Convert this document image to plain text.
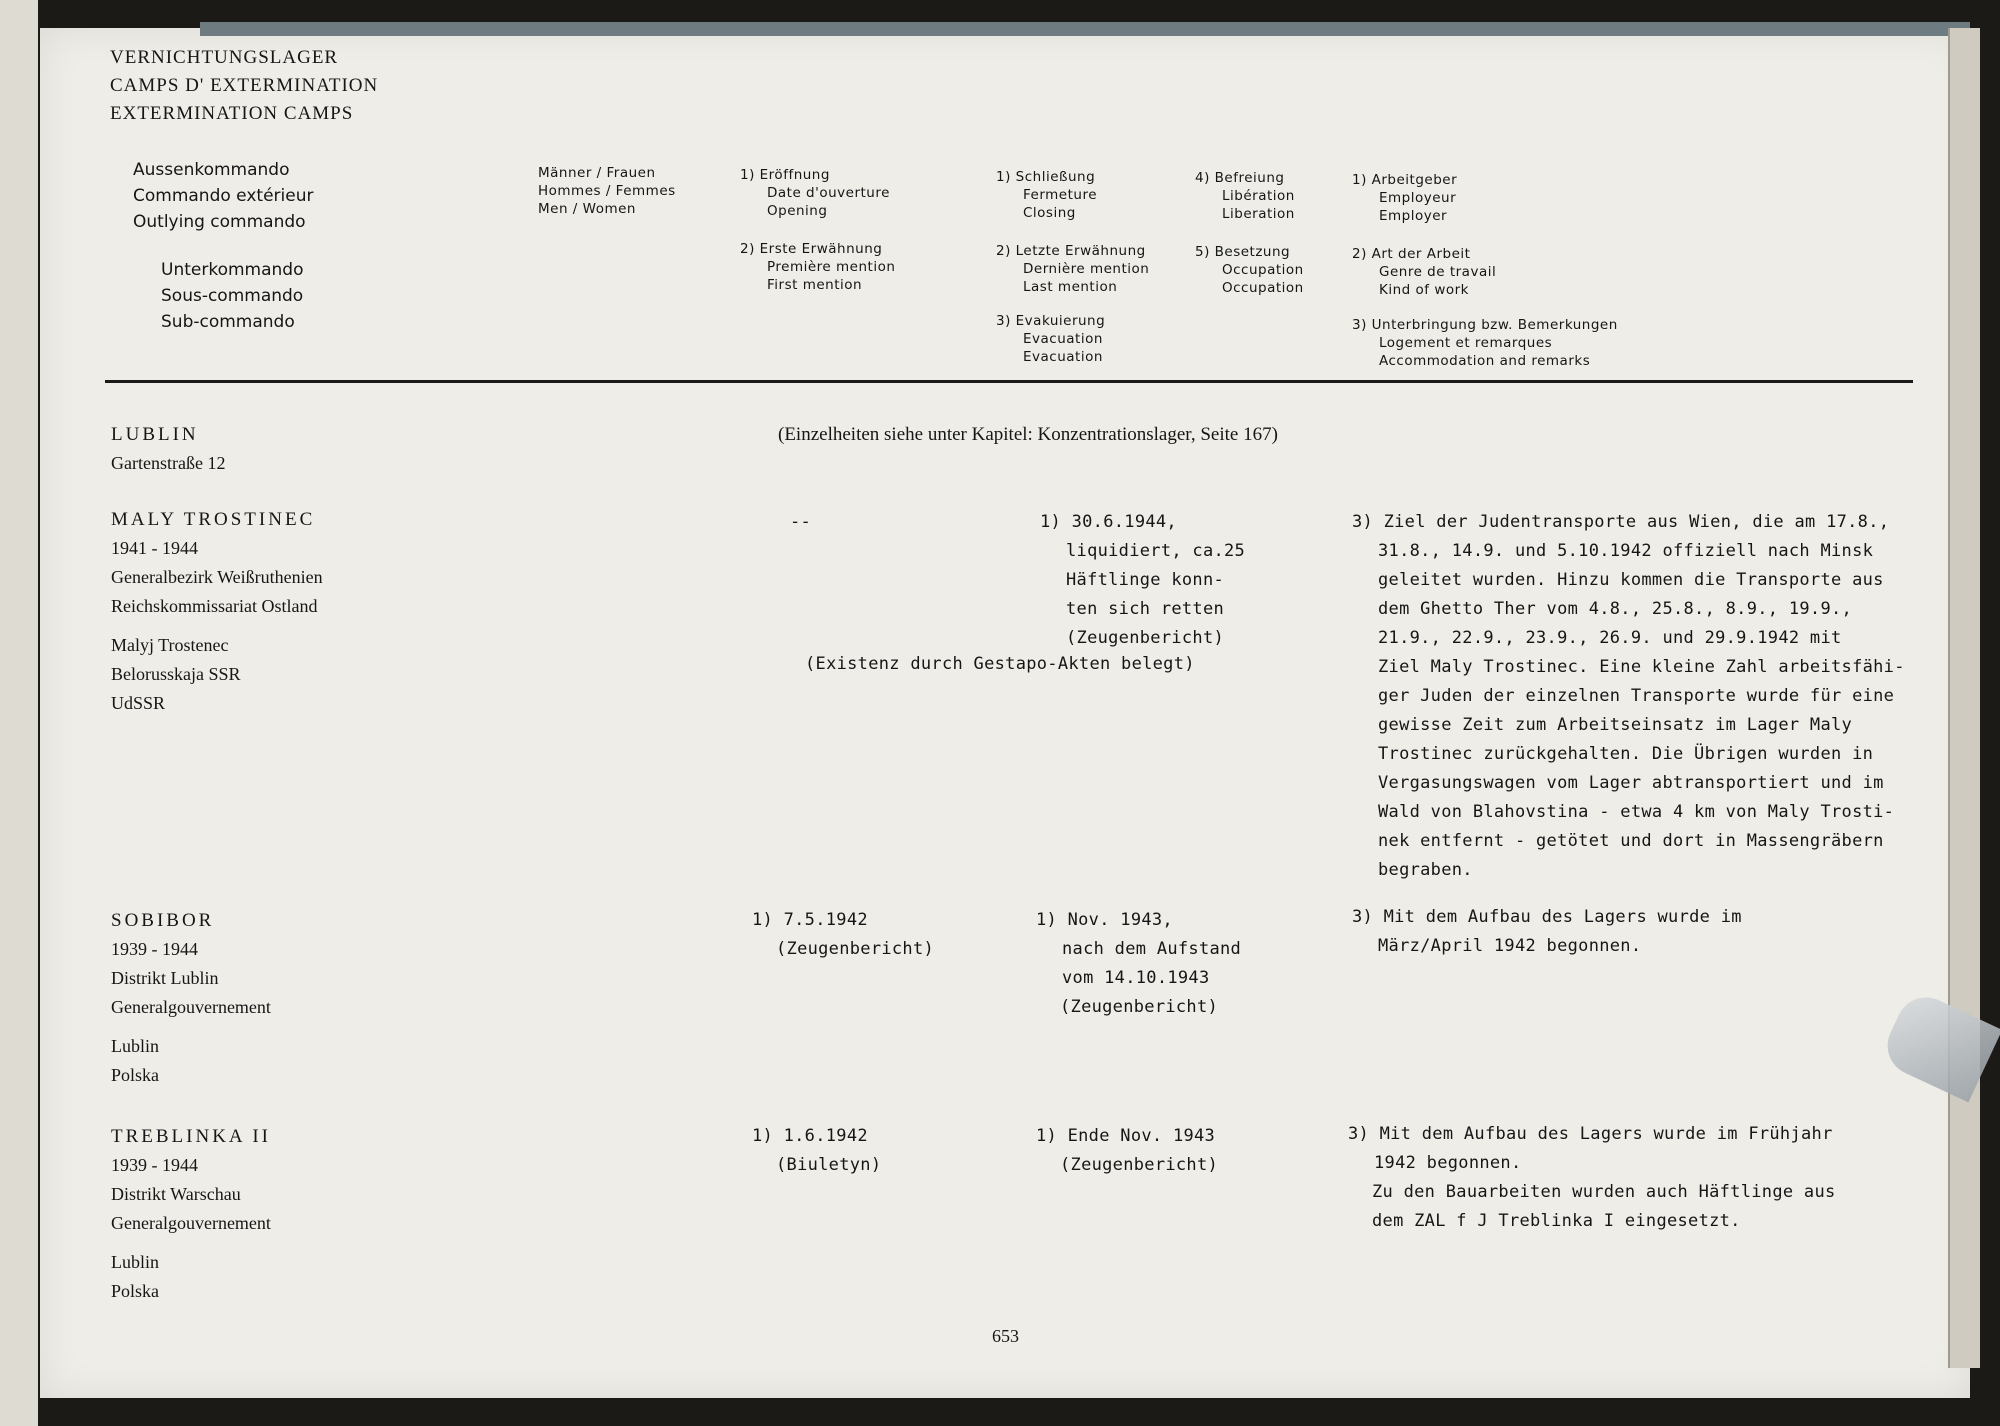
VERNICHTUNGSLAGER
CAMPS D' EXTERMINATION
EXTERMINATION CAMPS
Aussenkommando
Commando extérieur
Outlying commando
Unterkommando
Sous-commando
Sub-commando
Männer / Frauen
Hommes / Femmes
Men / Women
1) Eröffnung
Date d'ouverture
Opening
2) Erste Erwähnung
Première mention
First mention
1) Schließung
Fermeture
Closing
2) Letzte Erwähnung
Dernière mention
Last mention
3) Evakuierung
Evacuation
Evacuation
4) Befreiung
Libération
Liberation
5) Besetzung
Occupation
Occupation
1) Arbeitgeber
Employeur
Employer
2) Art der Arbeit
Genre de travail
Kind of work
3) Unterbringung bzw. Bemerkungen
Logement et remarques
Accommodation and remarks
LUBLIN
Gartenstraße 12
(Einzelheiten siehe unter Kapitel: Konzentrationslager, Seite 167)
MALY TROSTINEC
1941 - 1944
Generalbezirk Weißruthenien
Reichskommissariat Ostland
Malyj Trostenec
Belorusskaja SSR
UdSSR
--	1) 30.6.1944,
liquidiert, ca.25
Häftlinge konn-
ten sich retten
(Zeugenbericht)
(Existenz durch Gestapo-Akten belegt)
3) Ziel der Judentransporte aus Wien, die am 17.8.,
31.8., 14.9. und 5.10.1942 offiziell nach Minsk
geleitet wurden. Hinzu kommen die Transporte aus
dem Ghetto Ther vom 4.8., 25.8., 8.9., 19.9.,
21.9., 22.9., 23.9., 26.9. und 29.9.1942 mit
Ziel Maly Trostinec. Eine kleine Zahl arbeitsfähi-
ger Juden der einzelnen Transporte wurde für eine
gewisse Zeit zum Arbeitseinsatz im Lager Maly
Trostinec zurückgehalten. Die Übrigen wurden in
Vergasungswagen vom Lager abtransportiert und im
Wald von Blahovstina - etwa 4 km von Maly Trosti-
nek entfernt - getötet und dort in Massengräbern
begraben.
SOBIBOR
1939 - 1944
Distrikt Lublin
Generalgouvernement
Lublin
Polska
1) 7.5.1942
(Zeugenbericht)
1) Nov. 1943,
nach dem Aufstand
vom 14.10.1943
(Zeugenbericht)
3) Mit dem Aufbau des Lagers wurde im
März/April 1942 begonnen.
TREBLINKA II
1939 - 1944
Distrikt Warschau
Generalgouvernement
Lublin
Polska
1) 1.6.1942
(Biuletyn)
1) Ende Nov. 1943
(Zeugenbericht)
3) Mit dem Aufbau des Lagers wurde im Frühjahr
1942 begonnen.
Zu den Bauarbeiten wurden auch Häftlinge aus
dem ZAL f J Treblinka I eingesetzt.
653
